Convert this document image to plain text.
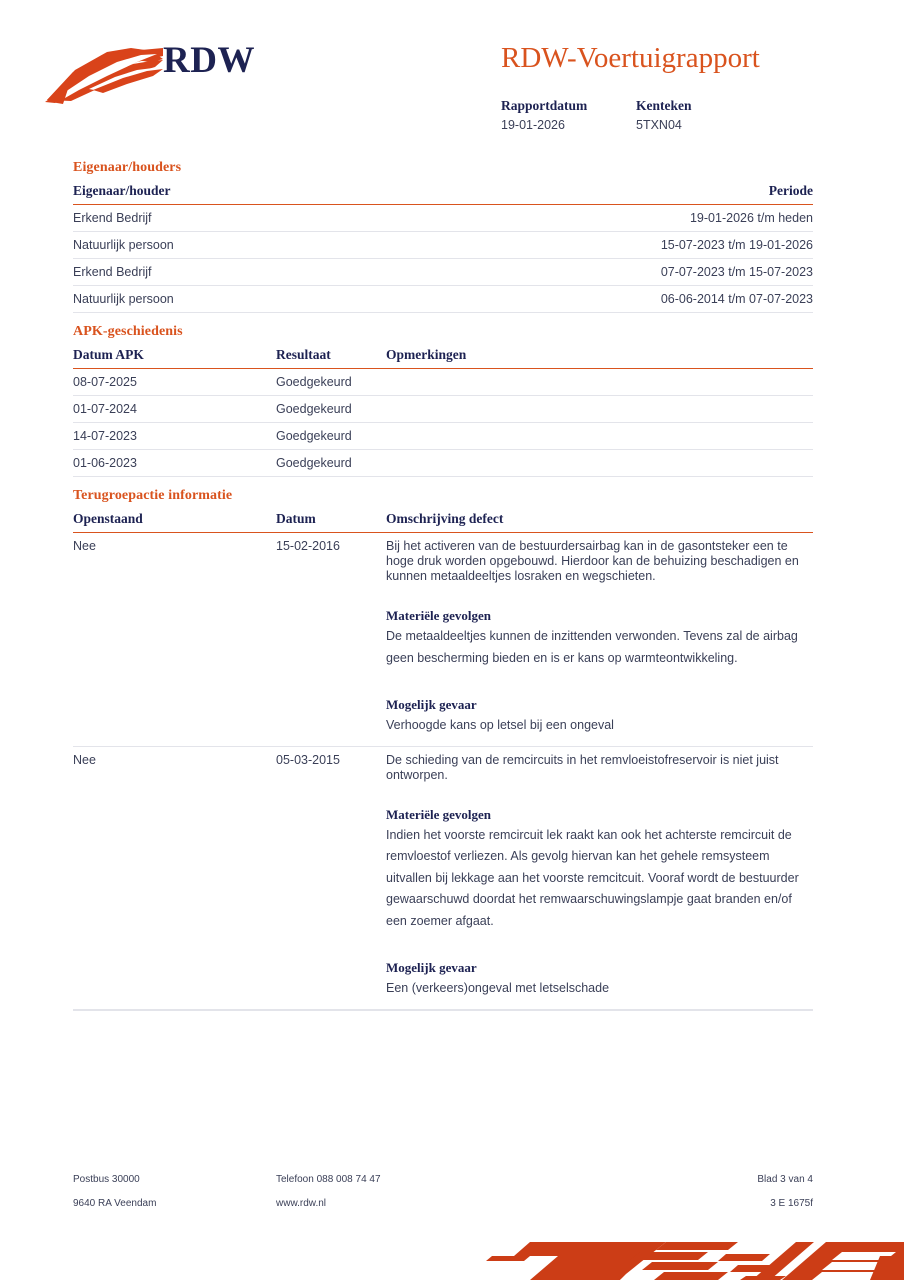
RDW	RDW-Voertuigrapport
Rapportdatum	Kenteken
19-01-2026	5TXN04
Eigenaar/houders
Eigenaar/houder	Periode
Erkend Bedrijf	19-01-2026 t/m heden
Natuurlijk persoon	15-07-2023 t/m 19-01-2026
Erkend Bedrijf	07-07-2023 t/m 15-07-2023
Natuurlijk persoon	06-06-2014 t/m 07-07-2023
APK-geschiedenis
Datum APK	Resultaat	Opmerkingen
08-07-2025	Goedgekeurd	
01-07-2024	Goedgekeurd	
14-07-2023	Goedgekeurd	
01-06-2023	Goedgekeurd	
Terugroepactie informatie
Openstaand	Datum	Omschrijving defect
Nee	15-02-2016	Bij het activeren van de bestuurdersairbag kan in de gasontsteker een te hoge druk worden opgebouwd. Hierdoor kan de behuizing beschadigen en kunnen metaaldeeltjes losraken en wegschieten.

Materiële gevolgen

De metaaldeeltjes kunnen de inzittenden verwonden. Tevens zal de airbag geen bescherming bieden en is er kans op warmteontwikkeling.

Mogelijk gevaar

Verhoogde kans op letsel bij een ongeval

Nee	05-03-2015	De schieding van de remcircuits in het remvloeistofreservoir is niet juist ontworpen.

Materiële gevolgen

Indien het voorste remcircuit lek raakt kan ook het achterste remcircuit de remvloestof verliezen. Als gevolg hiervan kan het gehele remsysteem uitvallen bij lekkage aan het voorste remcitcuit. Vooraf wordt de bestuurder gewaarschuwd doordat het remwaarschuwingslampje gaat branden en/of een zoemer afgaat.

Mogelijk gevaar

Een (verkeers)ongeval met letselschade

Postbus 30000	Telefoon 088 008 74 47	Blad 3 van 4
9640 RA Veendam	www.rdw.nl	3 E 1675f
